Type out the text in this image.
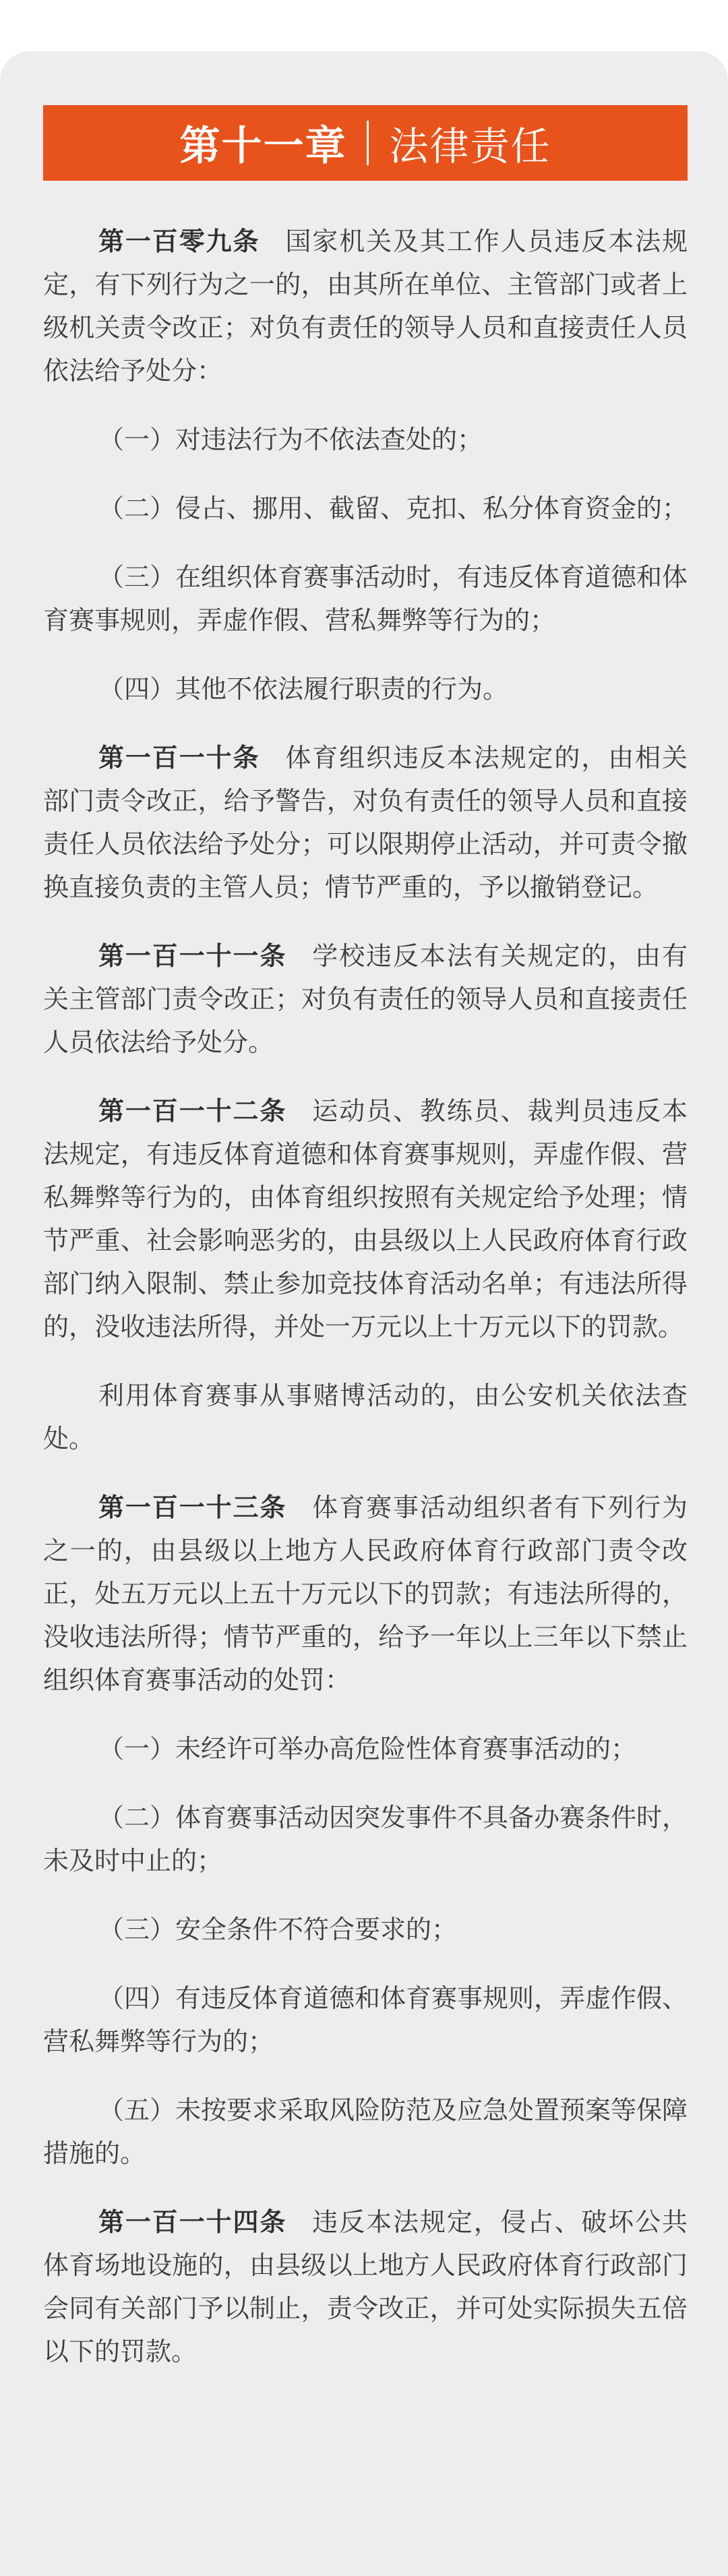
第十一章 法律责任

第一百零九条 国家机关及其工作人员违反本法规定，有下列行为之一的，由其所在单位、主管部门或者上级机关责令改正；对负有责任的领导人员和直接责任人员依法给予处分：

（一）对违法行为不依法查处的；

（二）侵占、挪用、截留、克扣、私分体育资金的；

（三）在组织体育赛事活动时，有违反体育道德和体育赛事规则，弄虚作假、营私舞弊等行为的；

（四）其他不依法履行职责的行为。

第一百一十条 体育组织违反本法规定的，由相关部门责令改正，给予警告，对负有责任的领导人员和直接责任人员依法给予处分；可以限期停止活动，并可责令撤换直接负责的主管人员；情节严重的，予以撤销登记。

第一百一十一条 学校违反本法有关规定的，由有关主管部门责令改正；对负有责任的领导人员和直接责任人员依法给予处分。

第一百一十二条 运动员、教练员、裁判员违反本法规定，有违反体育道德和体育赛事规则，弄虚作假、营私舞弊等行为的，由体育组织按照有关规定给予处理；情节严重、社会影响恶劣的，由县级以上人民政府体育行政部门纳入限制、禁止参加竞技体育活动名单；有违法所得的，没收违法所得，并处一万元以上十万元以下的罚款。

利用体育赛事从事赌博活动的，由公安机关依法查处。

第一百一十三条 体育赛事活动组织者有下列行为之一的，由县级以上地方人民政府体育行政部门责令改正，处五万元以上五十万元以下的罚款；有违法所得的，没收违法所得；情节严重的，给予一年以上三年以下禁止组织体育赛事活动的处罚：

（一）未经许可举办高危险性体育赛事活动的；

（二）体育赛事活动因突发事件不具备办赛条件时，未及时中止的；

（三）安全条件不符合要求的；

（四）有违反体育道德和体育赛事规则，弄虚作假、营私舞弊等行为的；

（五）未按要求采取风险防范及应急处置预案等保障措施的。

第一百一十四条 违反本法规定，侵占、破坏公共体育场地设施的，由县级以上地方人民政府体育行政部门会同有关部门予以制止，责令改正，并可处实际损失五倍以下的罚款。
